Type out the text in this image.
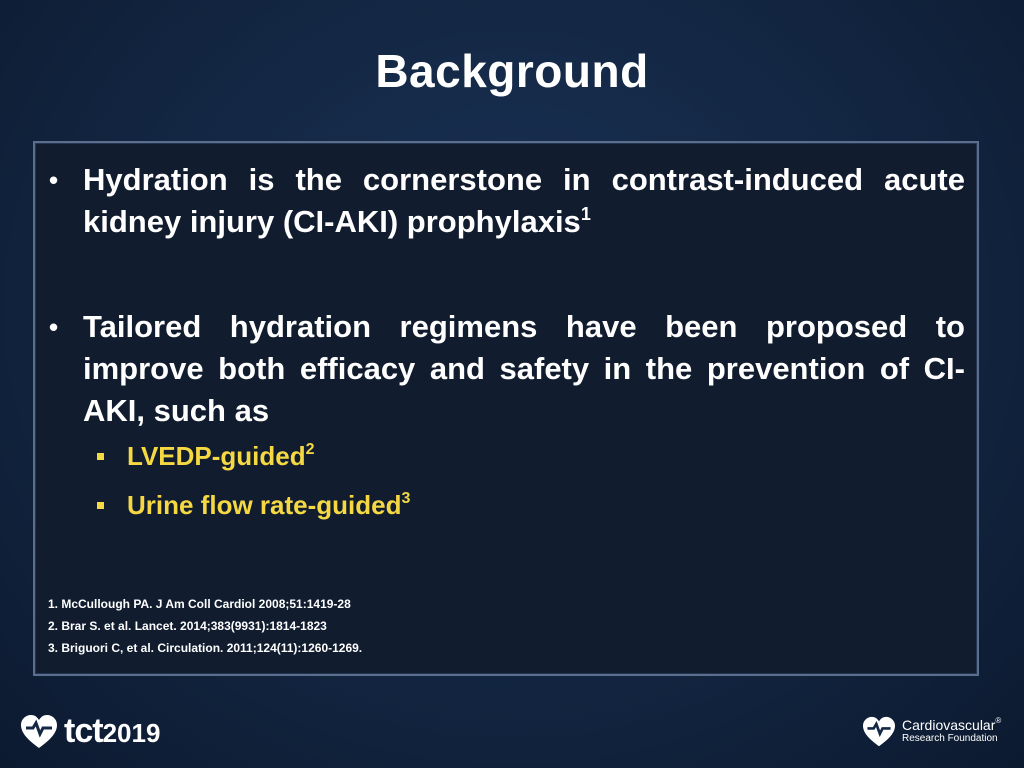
Background
• Hydration is the cornerstone in contrast-induced acute kidney injury (CI-AKI) prophylaxis$^1$
• Tailored hydration regimens have been proposed to improve both efficacy and safety in the prevention of CI-AKI, such as
LVEDP-guided$^2$
Urine flow rate-guided$^3$
1. McCullough PA. J Am Coll Cardiol 2008;51:1419-28
2. Brar S. et al. Lancet. 2014;383(9931):1814-1823
3. Briguori C, et al. Circulation. 2011;124(11):1260-1269.
tct2019	Cardiovascular®
Research Foundation
